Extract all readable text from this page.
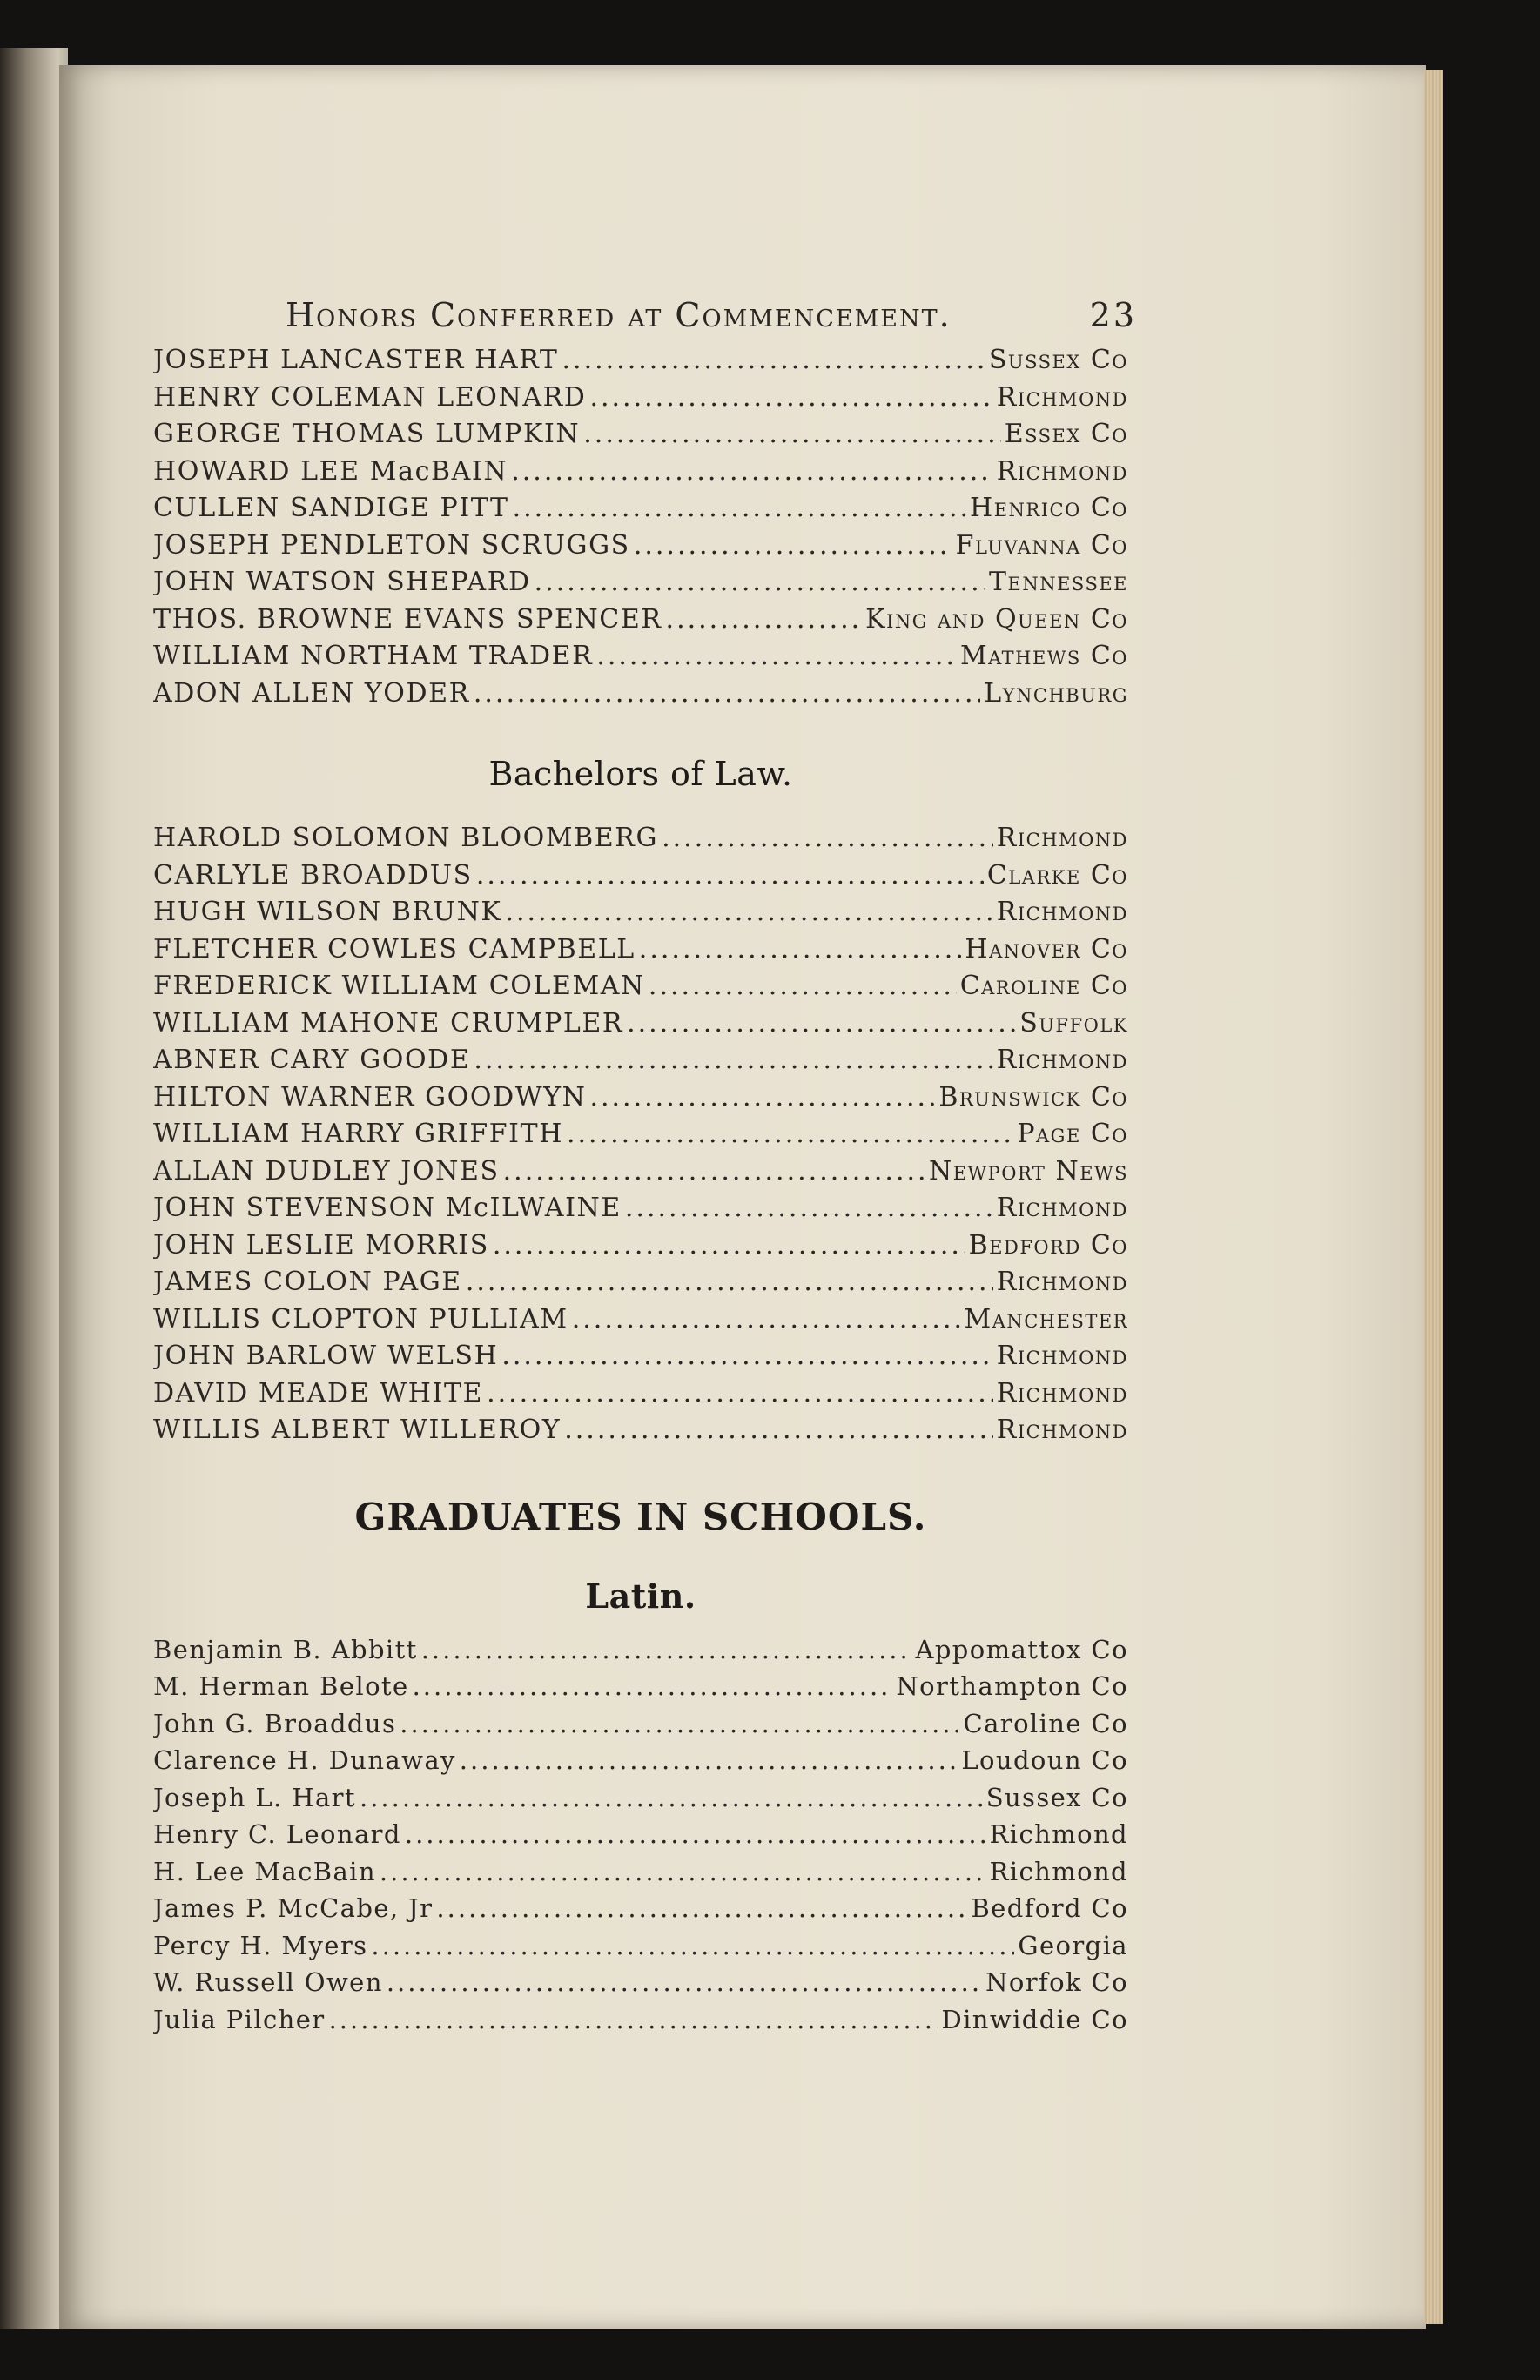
Honors Conferred at Commencement.	23
JOSEPH LANCASTER HART .....	Sussex Co
HENRY COLEMAN LEONARD .....	Richmond
GEORGE THOMAS LUMPKIN .....	Essex Co
HOWARD LEE MacBAIN .....	Richmond
CULLEN SANDIGE PITT .....	Henrico Co
JOSEPH PENDLETON SCRUGGS .....	Fluvanna Co
JOHN WATSON SHEPARD .....	Tennessee
THOS. BROWNE EVANS SPENCER .....	King and Queen Co
WILLIAM NORTHAM TRADER .....	Mathews Co
ADON ALLEN YODER .....	Lynchburg
Bachelors of Law.
HAROLD SOLOMON BLOOMBERG .....	Richmond
CARLYLE BROADDUS .....	Clarke Co
HUGH WILSON BRUNK .....	Richmond
FLETCHER COWLES CAMPBELL .....	Hanover Co
FREDERICK WILLIAM COLEMAN .....	Caroline Co
WILLIAM MAHONE CRUMPLER .....	Suffolk
ABNER CARY GOODE .....	Richmond
HILTON WARNER GOODWYN .....	Brunswick Co
WILLIAM HARRY GRIFFITH .....	Page Co
ALLAN DUDLEY JONES .....	Newport News
JOHN STEVENSON McILWAINE .....	Richmond
JOHN LESLIE MORRIS .....	Bedford Co
JAMES COLON PAGE .....	Richmond
WILLIS CLOPTON PULLIAM .....	Manchester
JOHN BARLOW WELSH .....	Richmond
DAVID MEADE WHITE .....	Richmond
WILLIS ALBERT WILLEROY .....	Richmond
GRADUATES IN SCHOOLS.
Latin.
Benjamin B. Abbitt .....	Appomattox Co
M. Herman Belote .....	Northampton Co
John G. Broaddus .....	Caroline Co
Clarence H. Dunaway .....	Loudoun Co
Joseph L. Hart .....	Sussex Co
Henry C. Leonard .....	Richmond
H. Lee MacBain .....	Richmond
James P. McCabe, Jr .....	Bedford Co
Percy H. Myers .....	Georgia
W. Russell Owen .....	Norfok Co
Julia Pilcher .....	Dinwiddie Co
